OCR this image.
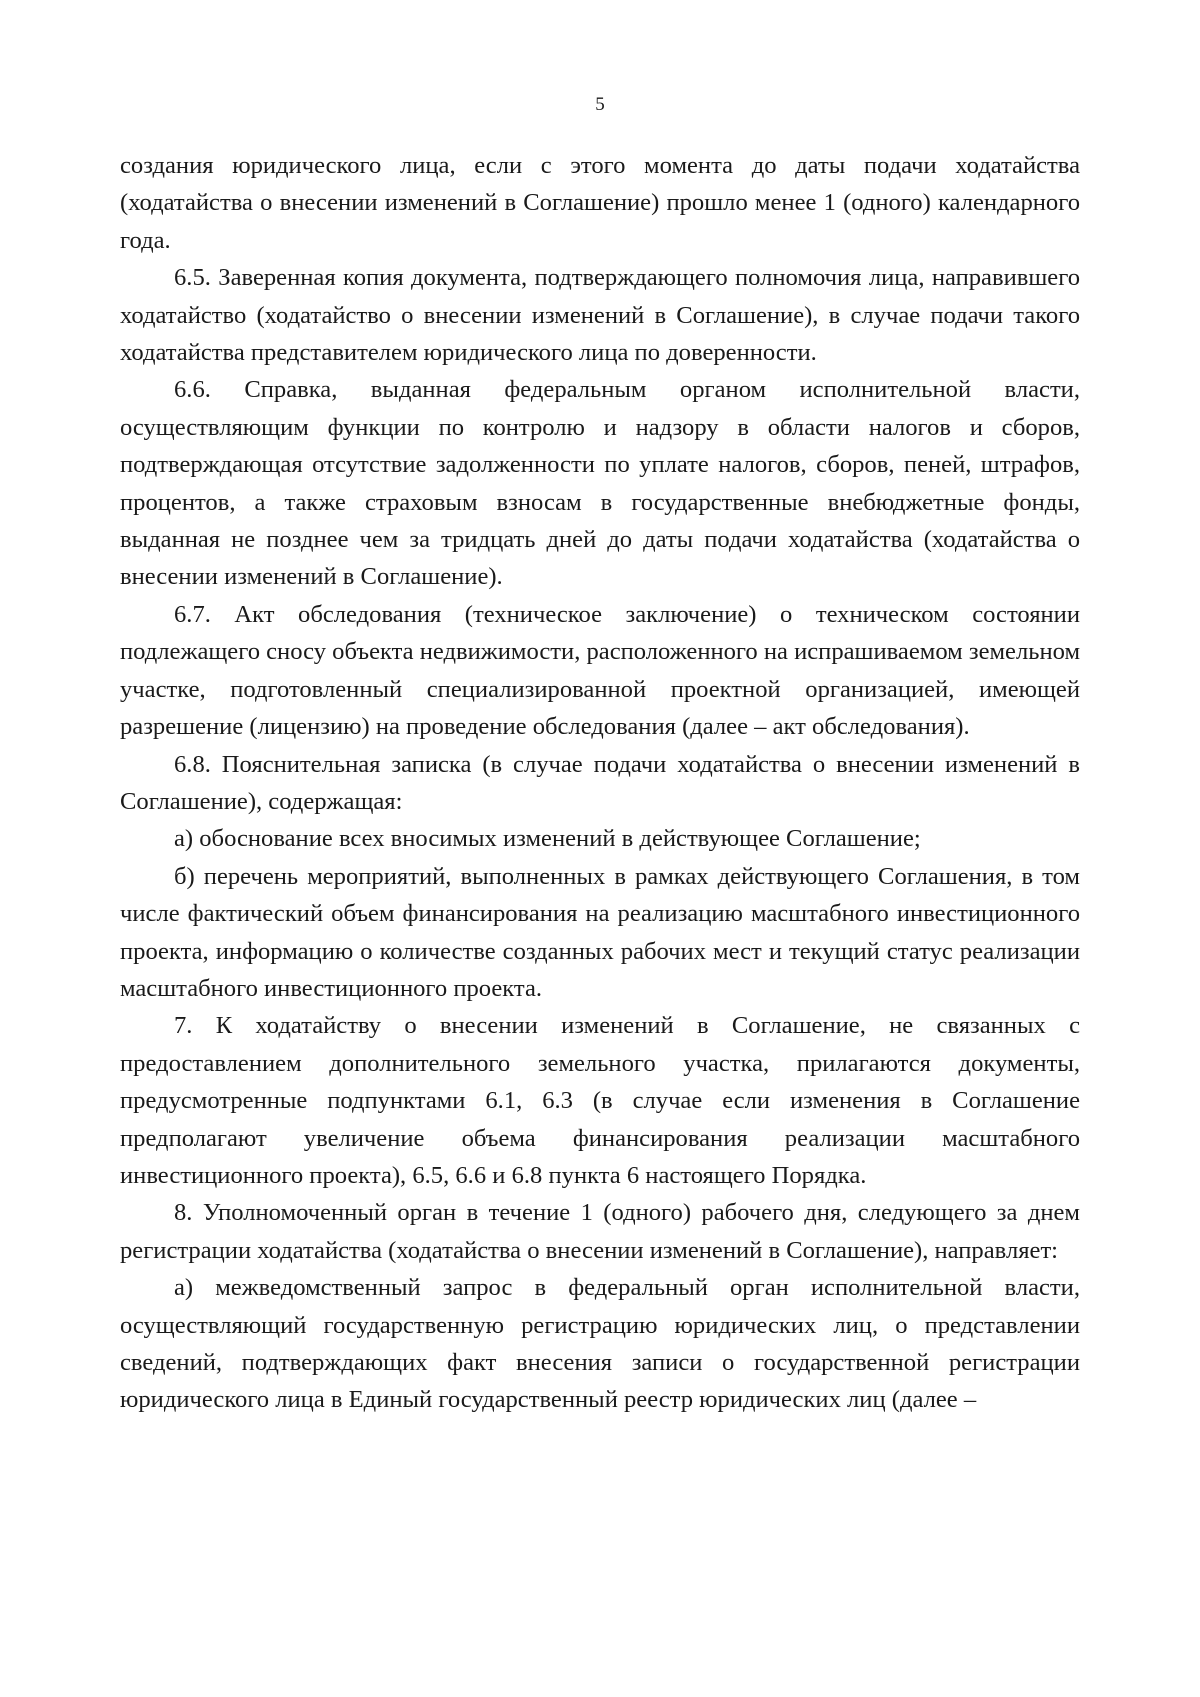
5

создания юридического лица, если с этого момента до даты подачи ходатайства (ходатайства о внесении изменений в Соглашение) прошло менее 1 (одного) календарного года.

6.5. Заверенная копия документа, подтверждающего полномочия лица, направившего ходатайство (ходатайство о внесении изменений в Соглашение), в случае подачи такого ходатайства представителем юридического лица по доверенности.

6.6. Справка, выданная федеральным органом исполнительной власти, осуществляющим функции по контролю и надзору в области налогов и сборов, подтверждающая отсутствие задолженности по уплате налогов, сборов, пеней, штрафов, процентов, а также страховым взносам в государственные внебюджетные фонды, выданная не позднее чем за тридцать дней до даты подачи ходатайства (ходатайства о внесении изменений в Соглашение).

6.7. Акт обследования (техническое заключение) о техническом состоянии подлежащего сносу объекта недвижимости, расположенного на испрашиваемом земельном участке, подготовленный специализированной проектной организацией, имеющей разрешение (лицензию) на проведение обследования (далее – акт обследования).

6.8. Пояснительная записка (в случае подачи ходатайства о внесении изменений в Соглашение), содержащая:

а) обоснование всех вносимых изменений в действующее Соглашение;

б) перечень мероприятий, выполненных в рамках действующего Соглашения, в том числе фактический объем финансирования на реализацию масштабного инвестиционного проекта, информацию о количестве созданных рабочих мест и текущий статус реализации масштабного инвестиционного проекта.

7. К ходатайству о внесении изменений в Соглашение, не связанных с предоставлением дополнительного земельного участка, прилагаются документы, предусмотренные подпунктами 6.1, 6.3 (в случае если изменения в Соглашение предполагают увеличение объема финансирования реализации масштабного инвестиционного проекта), 6.5, 6.6 и 6.8 пункта 6 настоящего Порядка.

8. Уполномоченный орган в течение 1 (одного) рабочего дня, следующего за днем регистрации ходатайства (ходатайства о внесении изменений в Соглашение), направляет:

а) межведомственный запрос в федеральный орган исполнительной власти, осуществляющий государственную регистрацию юридических лиц, о представлении сведений, подтверждающих факт внесения записи о государственной регистрации юридического лица в Единый государственный реестр юридических лиц (далее –
